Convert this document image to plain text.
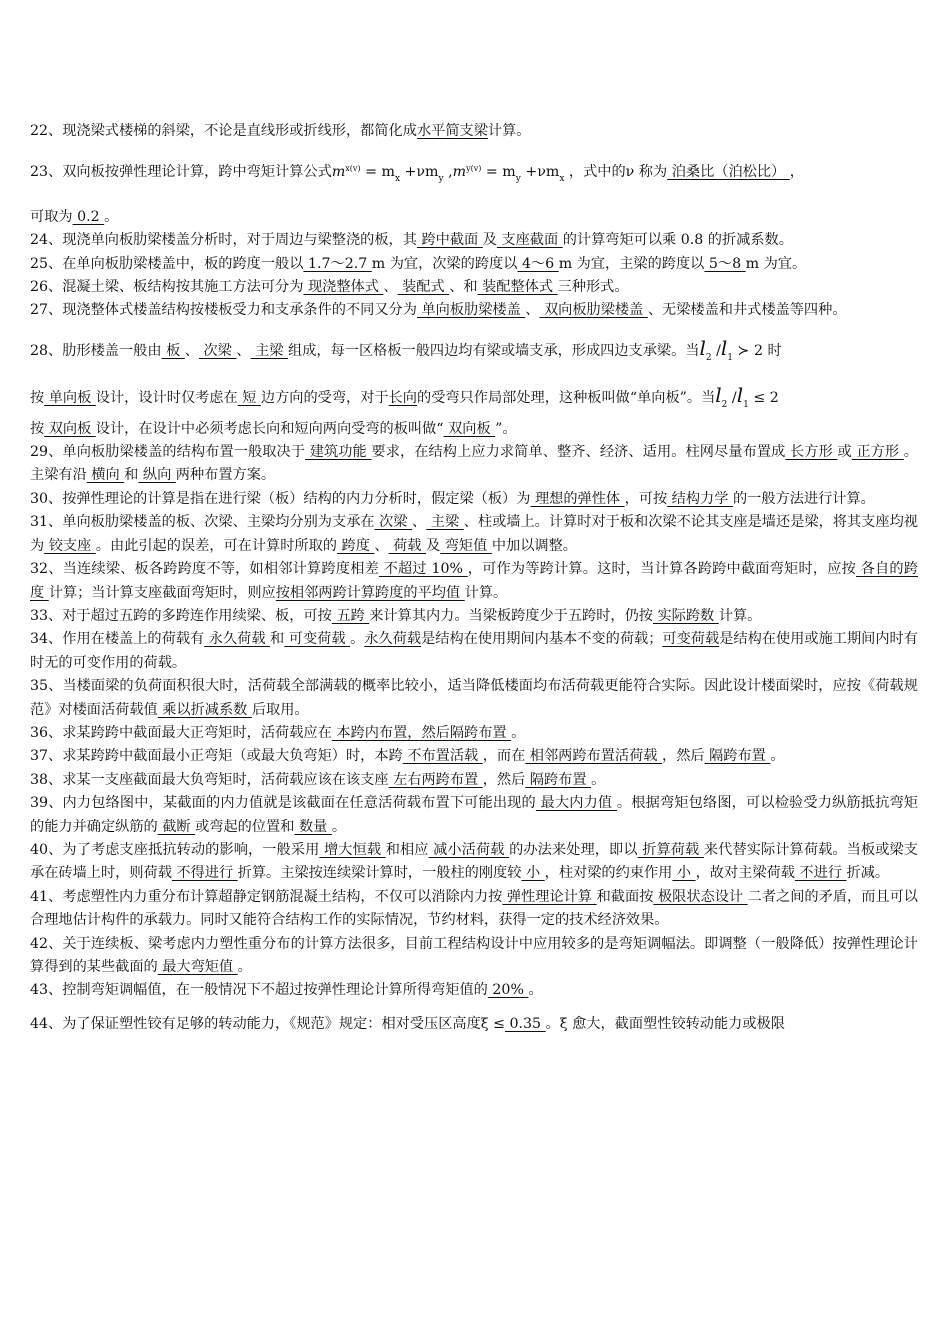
22、现浇梁式楼梯的斜梁，不论是直线形或折线形，都简化成水平简支梁计算。

23、双向板按弹性理论计算，跨中弯矩计算公式$m^{x(v)} = m_x +\nu m_y$ $,m^{y(v)} = m_y +\nu m_x$ ，式中的ν 称为 泊桑比（泊松比） ，

可取为 0.2 。

24、现浇单向板肋梁楼盖分析时，对于周边与梁整浇的板，其 跨中截面 及 支座截面 的计算弯矩可以乘 0.8 的折减系数。

25、在单向板肋梁楼盖中，板的跨度一般以 1.7～2.7 m 为宜，次梁的跨度以 4～6 m 为宜，主梁的跨度以 5～8 m 为宜。

26、混凝土梁、板结构按其施工方法可分为 现浇整体式 、 装配式 、和 装配整体式 三种形式。

27、现浇整体式楼盖结构按楼板受力和支承条件的不同又分为 单向板肋梁楼盖 、 双向板肋梁楼盖 、无梁楼盖和井式楼盖等四种。

28、肋形楼盖一般由 板 、 次梁 、 主梁 组成，每一区格板一般四边均有梁或墙支承，形成四边支承梁。当$l_2$ $/l_1$ ≻ 2 时

按 单向板 设计，设计时仅考虑在 短 边方向的受弯，对于长向的受弯只作局部处理，这种板叫做“单向板”。当$l_2$ $/l_1 \le 2$

按 双向板 设计，在设计中必须考虑长向和短向两向受弯的板叫做“ 双向板 ”。

29、单向板肋梁楼盖的结构布置一般取决于 建筑功能 要求，在结构上应力求简单、整齐、经济、适用。柱网尽量布置成 长方形 或 正方形 。主梁有沿 横向 和 纵向 两种布置方案。

30、按弹性理论的计算是指在进行梁（板）结构的内力分析时，假定梁（板）为 理想的弹性体 ，可按 结构力学 的一般方法进行计算。

31、单向板肋梁楼盖的板、次梁、主梁均分别为支承在 次梁 、 主梁 、柱或墙上。计算时对于板和次梁不论其支座是墙还是梁，将其支座均视为 铰支座 。由此引起的误差，可在计算时所取的 跨度 、 荷载 及 弯矩值 中加以调整。

32、当连续梁、板各跨跨度不等，如相邻计算跨度相差 不超过 10% ，可作为等跨计算。这时，当计算各跨跨中截面弯矩时，应按 各自的跨度 计算；当计算支座截面弯矩时，则应按相邻两跨计算跨度的平均值 计算。

33、对于超过五跨的多跨连作用续梁、板，可按 五跨 来计算其内力。当梁板跨度少于五跨时，仍按 实际跨数 计算。

34、作用在楼盖上的荷载有 永久荷载 和 可变荷载 。永久荷载是结构在使用期间内基本不变的荷载；可变荷载是结构在使用或施工期间内时有时无的可变作用的荷载。

35、当楼面梁的负荷面积很大时，活荷载全部满载的概率比较小，适当降低楼面均布活荷载更能符合实际。因此设计楼面梁时，应按《荷载规范》对楼面活荷载值 乘以折减系数 后取用。

36、求某跨跨中截面最大正弯矩时，活荷载应在 本跨内布置，然后隔跨布置 。

37、求某跨跨中截面最小正弯矩（或最大负弯矩）时，本跨 不布置活载 ，而在 相邻两跨布置活荷载 ，然后 隔跨布置 。

38、求某一支座截面最大负弯矩时，活荷载应该在该支座 左右两跨布置 ，然后 隔跨布置 。

39、内力包络图中，某截面的内力值就是该截面在任意活荷载布置下可能出现的 最大内力值 。根据弯矩包络图，可以检验受力纵筋抵抗弯矩的能力并确定纵筋的 截断 或弯起的位置和 数量 。

40、为了考虑支座抵抗转动的影响，一般采用 增大恒载 和相应 减小活荷载 的办法来处理，即以 折算荷载 来代替实际计算荷载。当板或梁支承在砖墙上时，则荷载 不得进行 折算。主梁按连续梁计算时，一般柱的刚度较 小 ，柱对梁的约束作用 小 ，故对主梁荷载 不进行 折减。

41、考虑塑性内力重分布计算超静定钢筋混凝土结构，不仅可以消除内力按 弹性理论计算 和截面按 极限状态设计 二者之间的矛盾，而且可以合理地估计构件的承载力。同时又能符合结构工作的实际情况，节约材料，获得一定的技术经济效果。

42、关于连续板、梁考虑内力塑性重分布的计算方法很多，目前工程结构设计中应用较多的是弯矩调幅法。即调整（一般降低）按弹性理论计算得到的某些截面的 最大弯矩值 。

43、控制弯矩调幅值，在一般情况下不超过按弹性理论计算所得弯矩值的 20% 。

44、为了保证塑性铰有足够的转动能力，《规范》规定：相对受压区高度ξ ≤ 0.35 。ξ 愈大，截面塑性铰转动能力或极限
